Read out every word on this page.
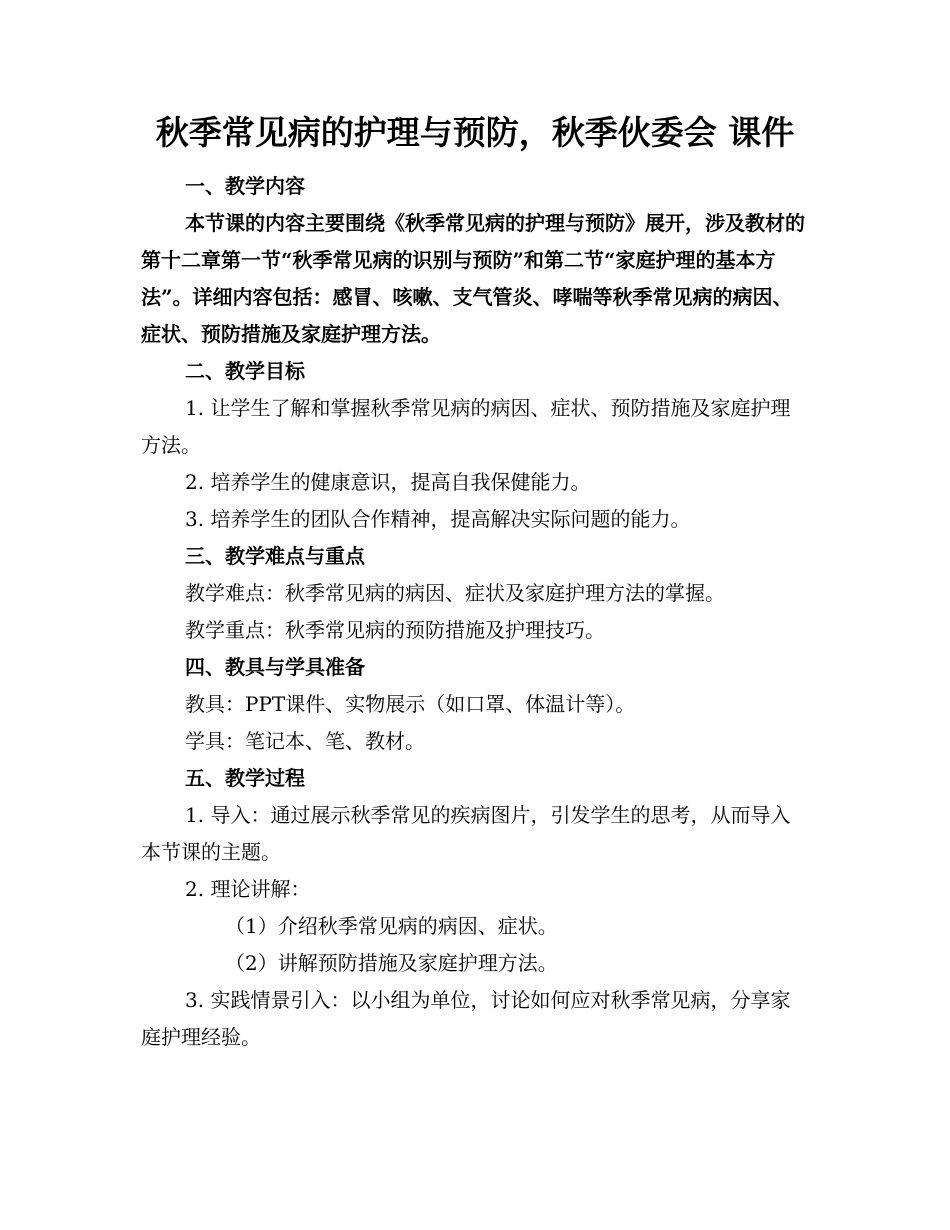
秋季常见病的护理与预防，秋季伙委会 课件

一、教学内容

本节课的内容主要围绕《秋季常见病的护理与预防》展开，涉及教材的第十二章第一节“秋季常见病的识别与预防”和第二节“家庭护理的基本方法”。详细内容包括：感冒、咳嗽、支气管炎、哮喘等秋季常见病的病因、症状、预防措施及家庭护理方法。

二、教学目标

1. 让学生了解和掌握秋季常见病的病因、症状、预防措施及家庭护理方法。

2. 培养学生的健康意识，提高自我保健能力。

3. 培养学生的团队合作精神，提高解决实际问题的能力。

三、教学难点与重点

教学难点：秋季常见病的病因、症状及家庭护理方法的掌握。

教学重点：秋季常见病的预防措施及护理技巧。

四、教具与学具准备

教具：PPT课件、实物展示（如口罩、体温计等）。

学具：笔记本、笔、教材。

五、教学过程

1. 导入：通过展示秋季常见的疾病图片，引发学生的思考，从而导入本节课的主题。

2. 理论讲解：

（1）介绍秋季常见病的病因、症状。

（2）讲解预防措施及家庭护理方法。

3. 实践情景引入：以小组为单位，讨论如何应对秋季常见病，分享家庭护理经验。
